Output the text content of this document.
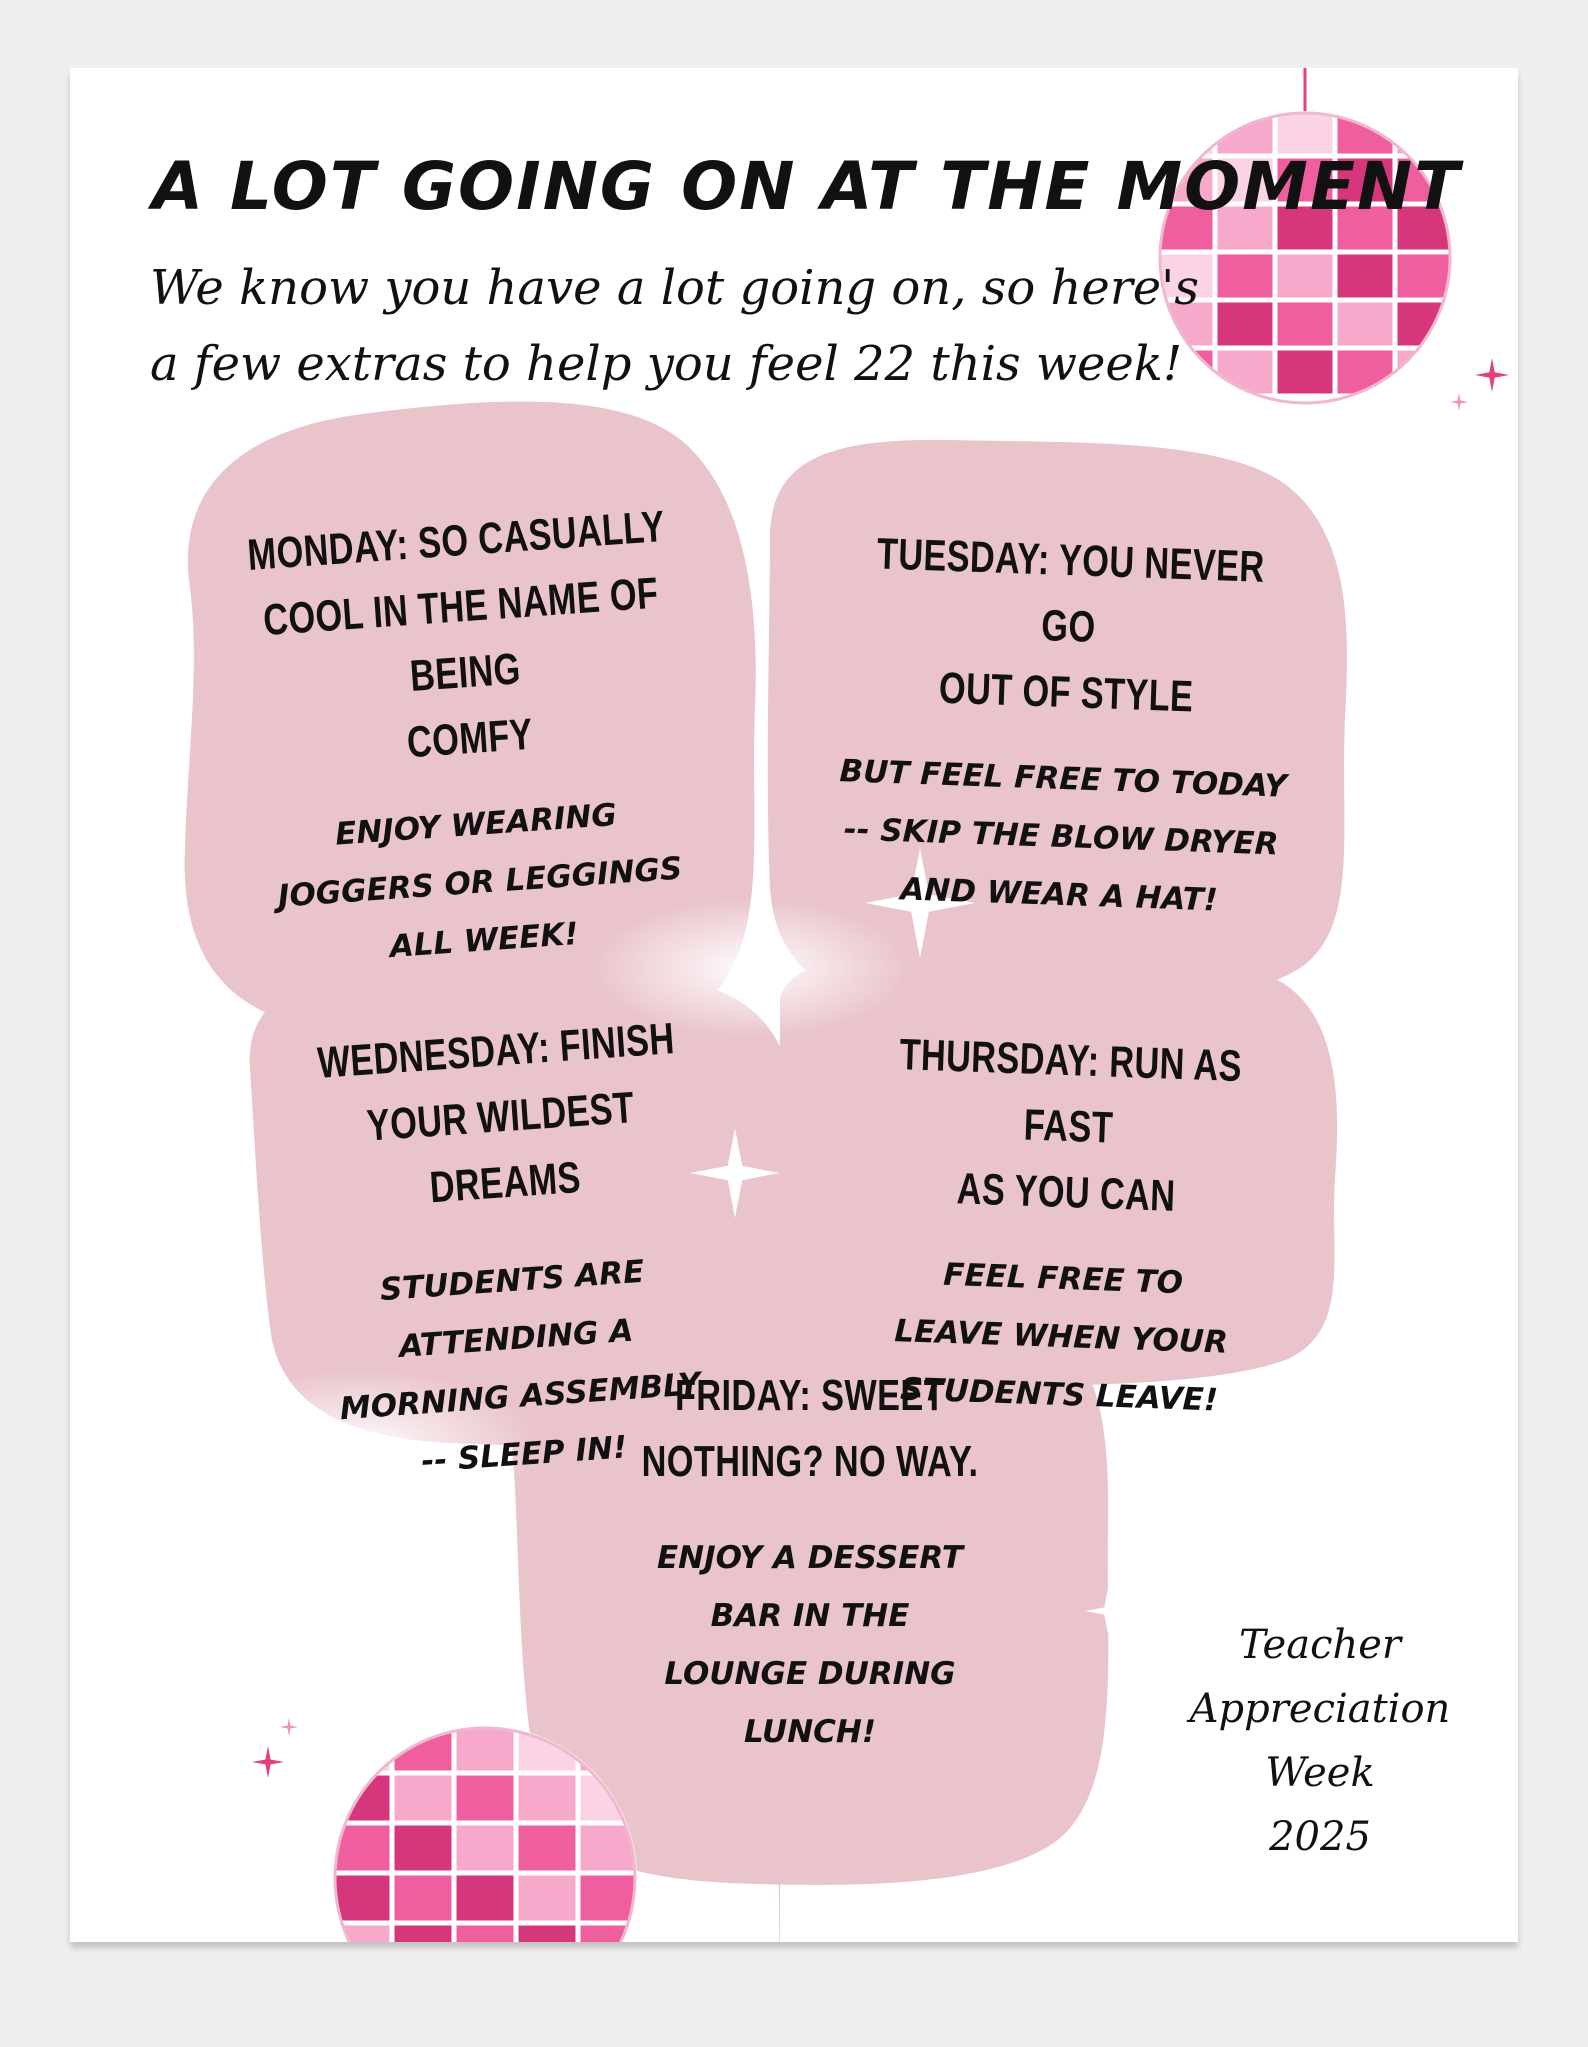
A LOT GOING ON AT THE MOMENT
We know you have a lot going on, so here's
a few extras to help you feel 22 this week!
MONDAY: SO CASUALLY
COOL IN THE NAME OF BEING
COMFY
ENJOY WEARING
JOGGERS OR LEGGINGS
ALL WEEK!
TUESDAY: YOU NEVER GO
OUT OF STYLE
BUT FEEL FREE TO TODAY
-- SKIP THE BLOW DRYER
AND WEAR A HAT!
WEDNESDAY: FINISH
YOUR WILDEST DREAMS
STUDENTS ARE
ATTENDING A
MORNING ASSEMBLY
-- SLEEP IN!
THURSDAY: RUN AS FAST
AS YOU CAN
FEEL FREE TO
LEAVE WHEN YOUR
STUDENTS LEAVE!
FRIDAY: SWEET
NOTHING? NO WAY.
ENJOY A DESSERT
BAR IN THE
LOUNGE DURING
LUNCH!
Teacher
Appreciation
Week
2025
